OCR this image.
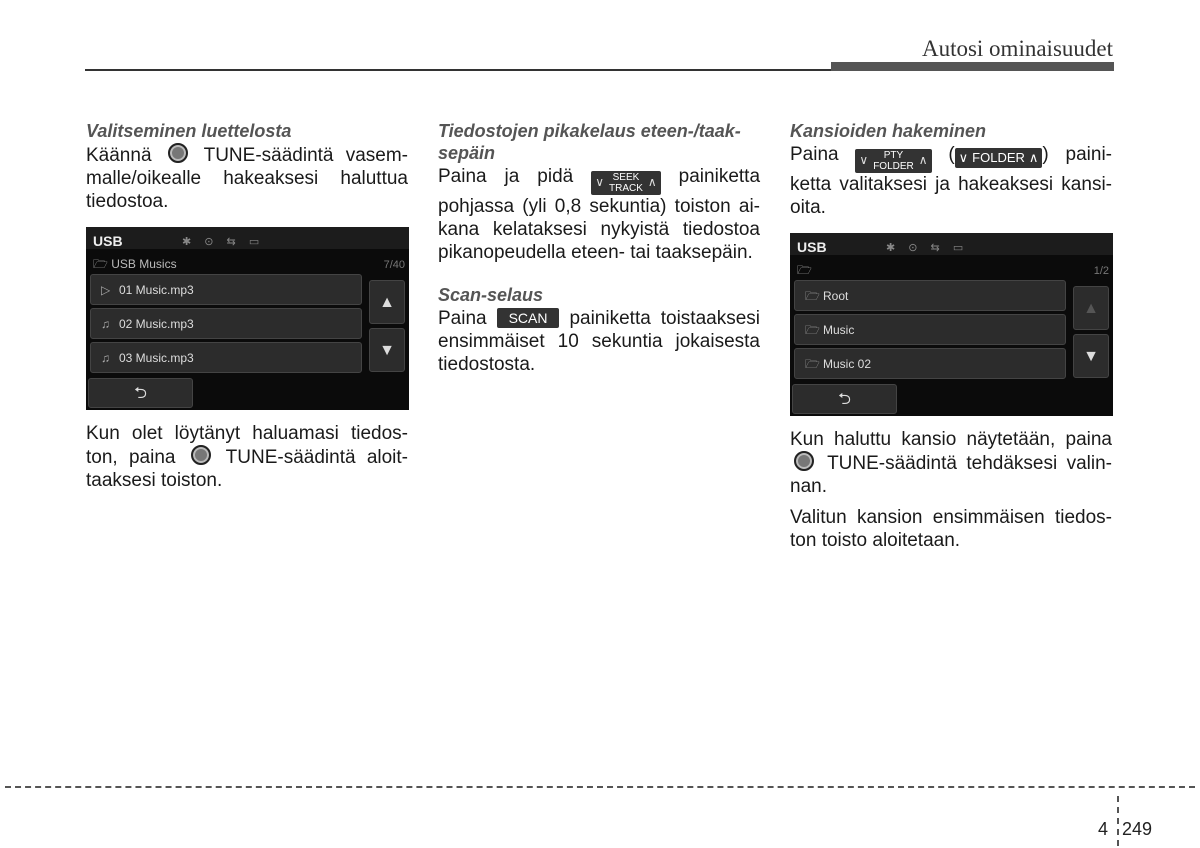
Autosi ominaisuudet
Valitseminen luettelosta

Käännä	TUNE-säädintä vasem-malle/oikealle hakeaksesi haluttua tiedostoa.

USB	✱ ⊙ ⇆ ▭
🗁 USB Musics	7/40
▷ 01 Music.mp3
♫ 02 Music.mp3
♫ 03 Music.mp3
▲
▼
⮌

Kun olet löytänyt haluamasi tiedos-ton, paina	TUNE-säädintä aloit-taaksesi toiston.

Tiedostojen pikakelaus eteen-/taak-sepäin

Paina ja pidä ∨ SEEK
TRACK ∧ painiketta pohjassa (yli 0,8 sekuntia) toiston ai-kana kelataksesi nykyistä tiedostoa pikanopeudella eteen- tai taaksepäin.

Scan-selaus

Paina SCAN painiketta toistaaksesi ensimmäiset 10 sekuntia jokaisesta tiedostosta.

Kansioiden hakeminen

Paina ∨	PTY
FOLDER ∧ ( ∨ FOLDER ∧ ) paini-ketta valitaksesi ja hakeaksesi kansi-oita.

USB	✱ ⊙ ⇆ ▭
🗁	1/2
🗁 Root
🗁 Music
🗁 Music 02
▲
▼
⮌

Kun haluttu kansio näytetään, paina  TUNE-säädintä tehdäksesi valin-nan.

Valitun kansion ensimmäisen tiedos-ton toisto aloitetaan.

4 249
